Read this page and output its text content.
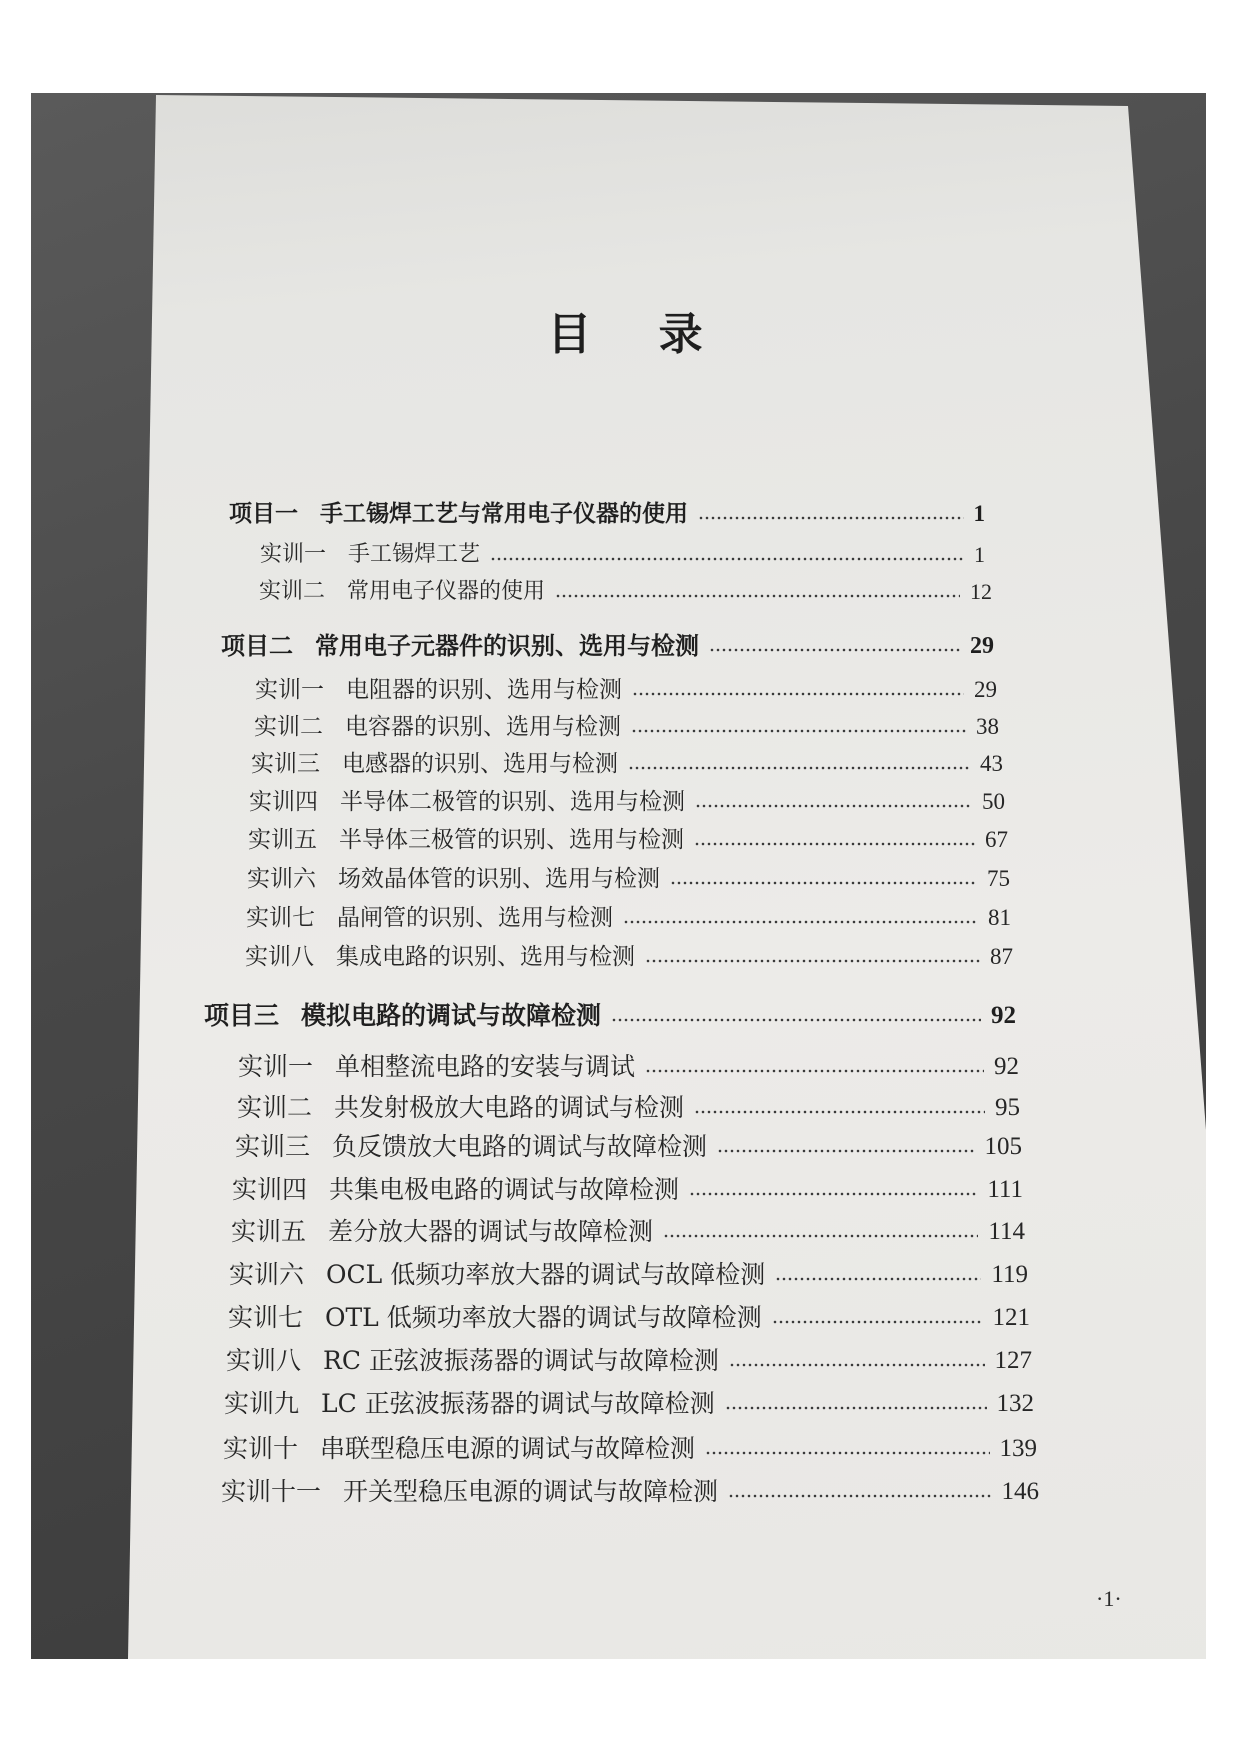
目 录
项目一 手工锡焊工艺与常用电子仪器的使用	1
实训一 手工锡焊工艺	1
实训二 常用电子仪器的使用	12
项目二 常用电子元器件的识别、选用与检测	29
实训一 电阻器的识别、选用与检测	29
实训二 电容器的识别、选用与检测	38
实训三 电感器的识别、选用与检测	43
实训四 半导体二极管的识别、选用与检测	50
实训五 半导体三极管的识别、选用与检测	67
实训六 场效晶体管的识别、选用与检测	75
实训七 晶闸管的识别、选用与检测	81
实训八 集成电路的识别、选用与检测	87
项目三 模拟电路的调试与故障检测	92
实训一 单相整流电路的安装与调试	92
实训二 共发射极放大电路的调试与检测	95
实训三 负反馈放大电路的调试与故障检测	105
实训四 共集电极电路的调试与故障检测	111
实训五 差分放大器的调试与故障检测	114
实训六 OCL 低频功率放大器的调试与故障检测	119
实训七 OTL 低频功率放大器的调试与故障检测	121
实训八 RC 正弦波振荡器的调试与故障检测	127
实训九 LC 正弦波振荡器的调试与故障检测	132
实训十 串联型稳压电源的调试与故障检测	139
实训十一 开关型稳压电源的调试与故障检测	146
·1·
